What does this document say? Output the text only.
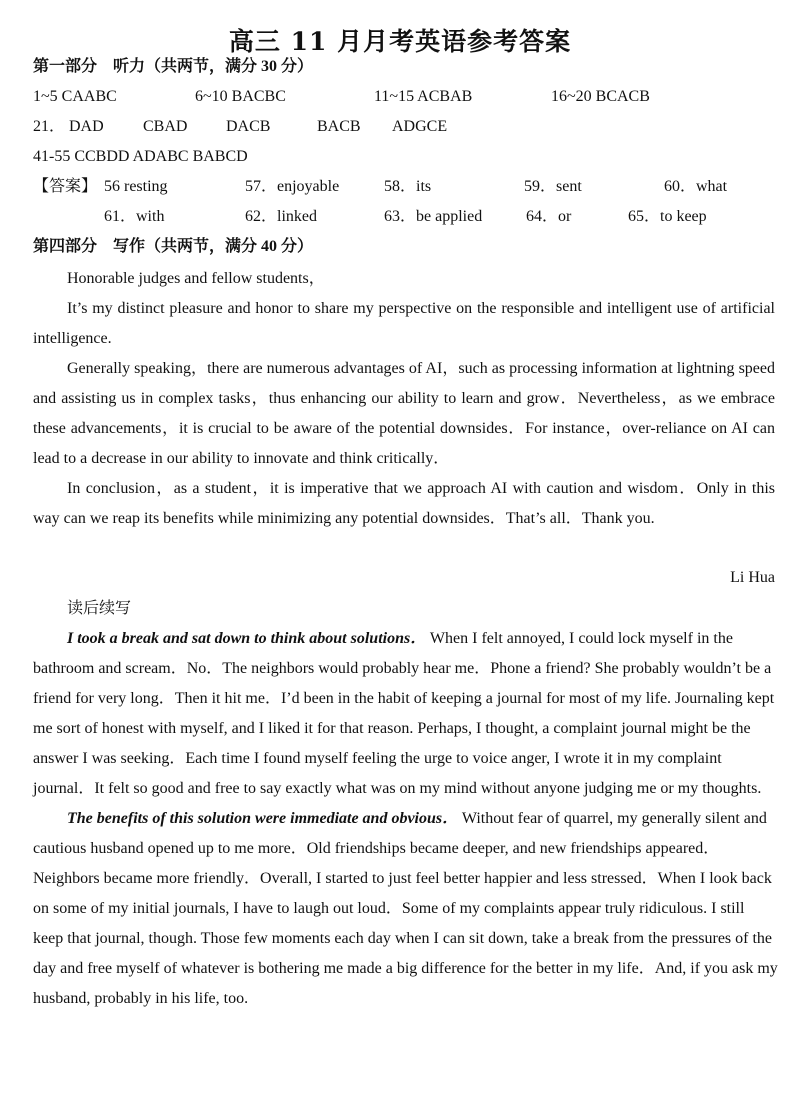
高三 11 月月考英语参考答案
第一部分　听力（共两节，满分 30 分）
1~5 CAABC	6~10 BACBC	11~15 ACBAB	16~20 BCACB
21． DAD CBAD DACB	BACB ADGCE
41-55 CCBDD ADABC BABCD
【答案】 56 resting	57．enjoyable	58．its	59．sent	60．what
61．with	62．linked	63．be applied	64．or	65．to keep
第四部分　写作（共两节，满分 40 分）

Honorable judges and fellow students，

It’s my distinct pleasure and honor to share my perspective on the responsible and intelligent use of artificial intelligence.

Generally speaking，there are numerous advantages of AI，such as processing information at lightning speed and assisting us in complex tasks，thus enhancing our ability to learn and grow．Nevertheless，as we embrace these advancements，it is crucial to be aware of the potential downsides．For instance，over-reliance on AI can lead to a decrease in our ability to innovate and think critically．

In conclusion，as a student，it is imperative that we approach AI with caution and wisdom．Only in this way can we reap its benefits while minimizing any potential downsides．That’s all．Thank you.

Li Hua
读后续写

I took a break and sat down to think about solutions． When I felt annoyed, I could lock myself in the bathroom and scream．No．The neighbors would probably hear me．Phone a friend? She probably wouldn’t be a friend for very long．Then it hit me．I’d been in the habit of keeping a journal for most of my life. Journaling kept me sort of honest with myself, and I liked it for that reason. Perhaps, I thought, a complaint journal might be the answer I was seeking．Each time I found myself feeling the urge to voice anger, I wrote it in my complaint journal．It felt so good and free to say exactly what was on my mind without anyone judging me or my thoughts.

The benefits of this solution were immediate and obvious． Without fear of quarrel, my generally silent and cautious husband opened up to me more．Old friendships became deeper, and new friendships appeared．Neighbors became more friendly．Overall, I started to just feel better happier and less stressed．When I look back on some of my initial journals, I have to laugh out loud．Some of my complaints appear truly ridiculous. I still keep that journal, though. Those few moments each day when I can sit down, take a break from the pressures of the day and free myself of whatever is bothering me made a big difference for the better in my life．And, if you ask my husband, probably in his life, too.
